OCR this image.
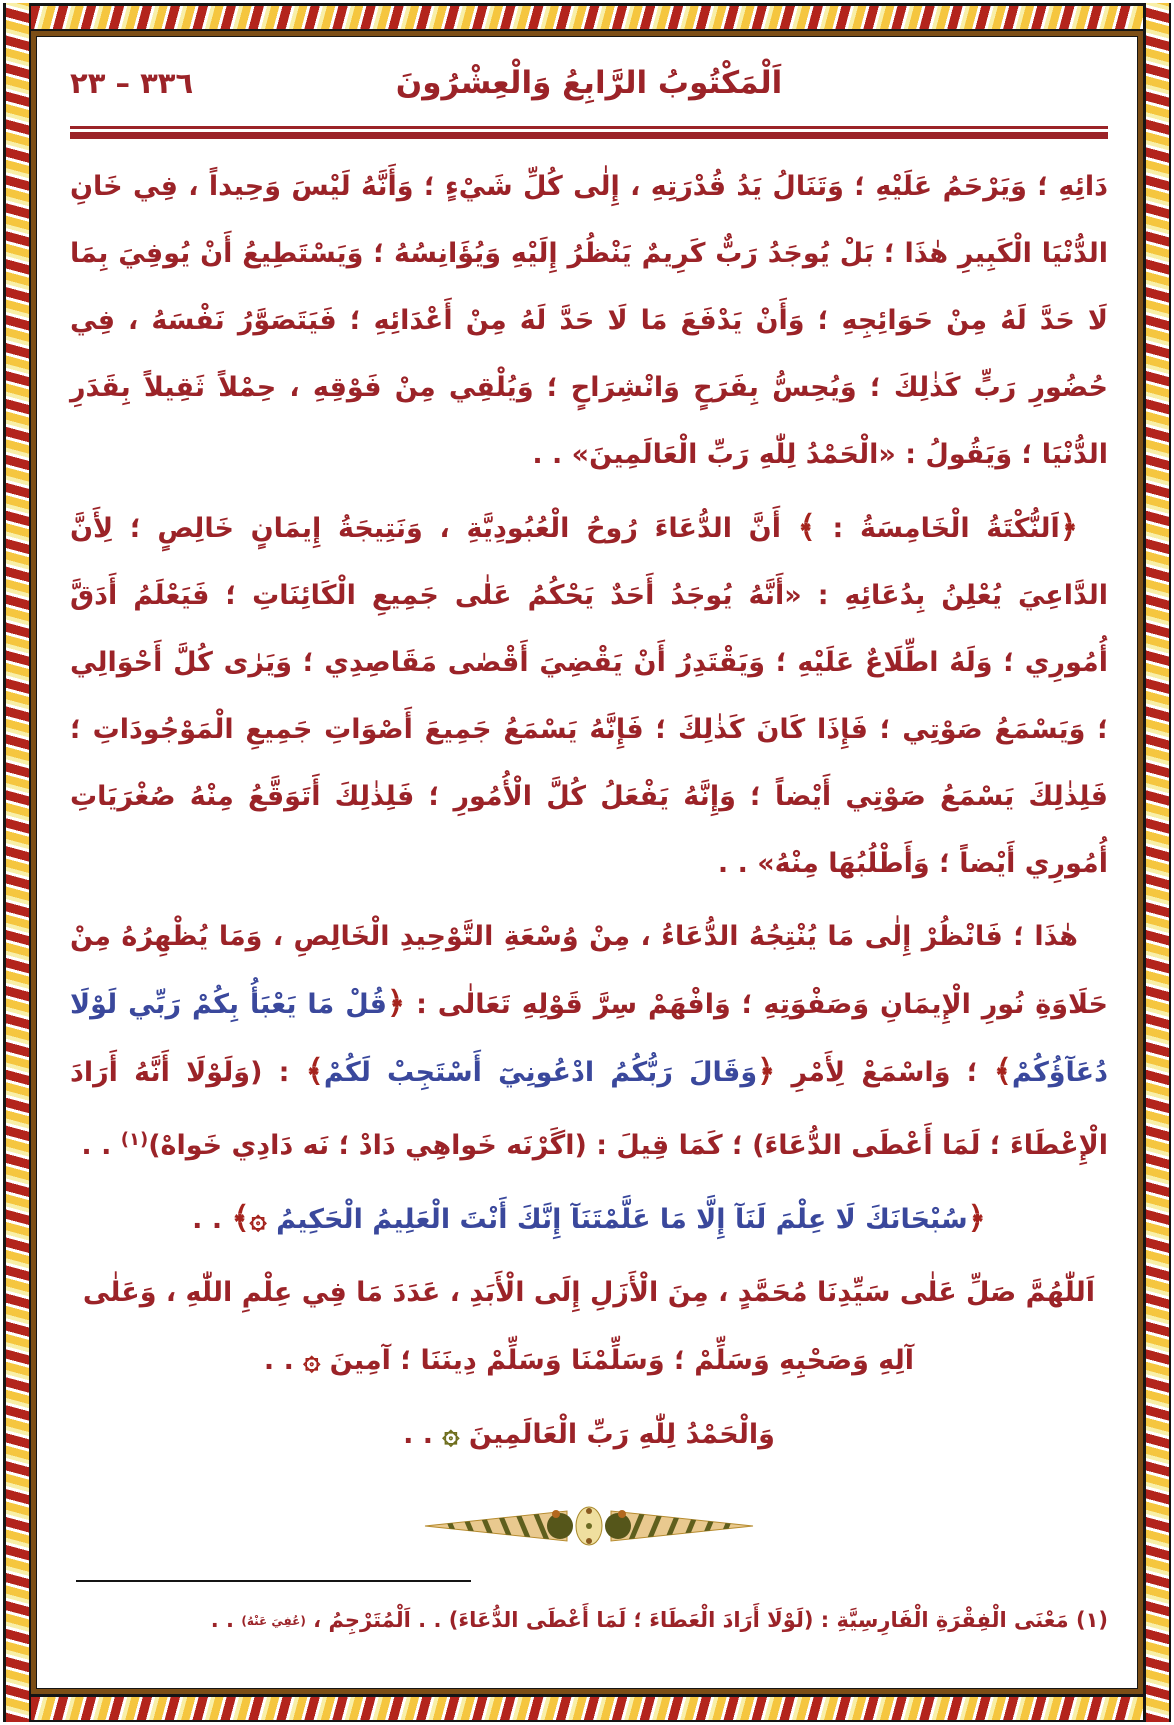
اَلْمَكْتُوبُ الرَّابِعُ وَالْعِشْرُونَ
٣٣٦ – ٢٣

دَائِهِ ؛ وَيَرْحَمُ عَلَيْهِ ؛ وَتَنَالُ يَدُ قُدْرَتِهِ ، إِلٰى كُلِّ شَيْءٍ ؛ وَأَنَّهُ لَيْسَ وَحِيداً ، فِي خَانِ الدُّنْيَا الْكَبِيرِ هٰذَا ؛ بَلْ يُوجَدُ رَبٌّ كَرِيمٌ يَنْظُرُ إِلَيْهِ وَيُؤَانِسُهُ ؛ وَيَسْتَطِيعُ أَنْ يُوفِيَ بِمَا لَا حَدَّ لَهُ مِنْ حَوَائِجِهِ ؛ وَأَنْ يَدْفَعَ مَا لَا حَدَّ لَهُ مِنْ أَعْدَائِهِ ؛ فَيَتَصَوَّرُ نَفْسَهُ ، فِي حُضُورِ رَبٍّ كَذٰلِكَ ؛ وَيُحِسُّ بِفَرَحٍ وَانْشِرَاحٍ ؛ وَيُلْقِي مِنْ فَوْقِهِ ، حِمْلاً ثَقِيلاً بِقَدَرِ الدُّنْيَا ؛ وَيَقُولُ : «الْحَمْدُ لِلّٰهِ رَبِّ الْعَالَمِينَ» . .

﴿اَلنُّكْتَةُ الْخَامِسَةُ : ﴾ أَنَّ الدُّعَاءَ رُوحُ الْعُبُودِيَّةِ ، وَنَتِيجَةُ إِيمَانٍ خَالِصٍ ؛ لِأَنَّ الدَّاعِيَ يُعْلِنُ بِدُعَائِهِ : «أَنَّهُ يُوجَدُ أَحَدٌ يَحْكُمُ عَلٰى جَمِيعِ الْكَائِنَاتِ ؛ فَيَعْلَمُ أَدَقَّ أُمُورِي ؛ وَلَهُ اطِّلَاعٌ عَلَيْهِ ؛ وَيَقْتَدِرُ أَنْ يَقْضِيَ أَقْصٰى مَقَاصِدِي ؛ وَيَرٰى كُلَّ أَحْوَالِي ؛ وَيَسْمَعُ صَوْتِي ؛ فَإِذَا كَانَ كَذٰلِكَ ؛ فَإِنَّهُ يَسْمَعُ جَمِيعَ أَصْوَاتِ جَمِيعِ الْمَوْجُودَاتِ ؛ فَلِذٰلِكَ يَسْمَعُ صَوْتِي أَيْضاً ؛ وَإِنَّهُ يَفْعَلُ كُلَّ الْأُمُورِ ؛ فَلِذٰلِكَ أَتَوَقَّعُ مِنْهُ صُغْرَيَاتِ أُمُورِي أَيْضاً ؛ وَأَطْلُبُهَا مِنْهُ» . .

هٰذَا ؛ فَانْظُرْ إِلٰى مَا يُنْتِجُهُ الدُّعَاءُ ، مِنْ وُسْعَةِ التَّوْحِيدِ الْخَالِصِ ، وَمَا يُظْهِرُهُ مِنْ حَلَاوَةِ نُورِ الْإِيمَانِ وَصَفْوَتِهِ ؛ وَافْهَمْ سِرَّ قَوْلِهِ تَعَالٰى : ﴿قُلْ مَا يَعْبَأُ بِكُمْ رَبِّي لَوْلَا دُعَآؤُكُمْ﴾ ؛ وَاسْمَعْ لِأَمْرِ ﴿وَقَالَ رَبُّكُمُ ادْعُونِيٓ أَسْتَجِبْ لَكُمْ﴾ : (وَلَوْلَا أَنَّهُ أَرَادَ الْإِعْطَاءَ ؛ لَمَا أَعْطَى الدُّعَاءَ) ؛ كَمَا قِيلَ : (اگَرْنَه خَواهِي دَادْ ؛ نَه دَادِي خَواهْ)$^{(١)}$ . .

﴿سُبْحَانَكَ لَا عِلْمَ لَنَآ إِلَّا مَا عَلَّمْتَنَآ إِنَّكَ أَنْتَ الْعَلِيمُ الْحَكِيمُ ۞﴾ . .

اَللّٰهُمَّ صَلِّ عَلٰى سَيِّدِنَا مُحَمَّدٍ ، مِنَ الْأَزَلِ إِلَى الْأَبَدِ ، عَدَدَ مَا فِي عِلْمِ اللّٰهِ ، وَعَلٰى آلِهِ وَصَحْبِهِ وَسَلِّمْ ؛ وَسَلِّمْنَا وَسَلِّمْ دِينَنَا ؛ آمِينَ ۞ . .

وَالْحَمْدُ لِلّٰهِ رَبِّ الْعَالَمِينَ ۞ . .

(١) مَعْنَى الْفِقْرَةِ الْفَارِسِيَّةِ : (لَوْلَا أَرَادَ الْعَطَاءَ ؛ لَمَا أَعْطَى الدُّعَاءَ) . . اَلْمُتَرْجِمُ ، (عُفِيَ عَنْهُ) . .
